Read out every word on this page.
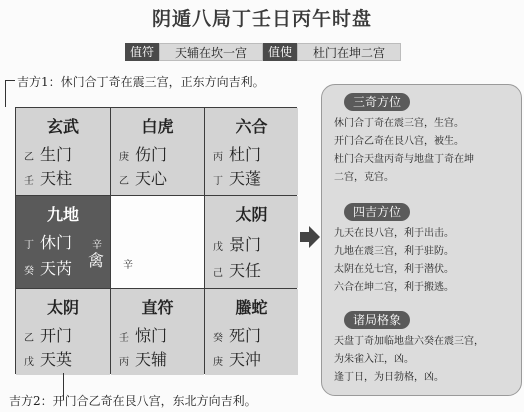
阴遁八局丁壬日丙午时盘
值符	天辅在坎一宫	值使	杜门在坤二宫
吉方1：休门合丁奇在震三宫，正东方向吉利。
玄武
乙 生门
壬 天柱
白虎
庚 伤门
乙 天心
六合
丙 杜门
丁 天蓬
九地
丁 休门 辛
癸 天芮 禽 辛
太阴
戊 景门
己 天任
太阴
乙 开门
戊 天英
直符
壬 惊门
丙 天辅
螣蛇
癸 死门
庚 天冲
吉方2：开门合乙奇在艮八宫，东北方向吉利。
三奇方位
休门合丁奇在震三宫，生宫。
开门合乙奇在艮八宫，被生。
杜门合天盘丙奇与地盘丁奇在坤
二宫，克宫。
四吉方位
九天在艮八宫，利于出击。
九地在震三宫，利于驻防。
太阴在兑七宫，利于潜伏。
六合在坤二宫，利于搬逃。
诸局格象
天盘丁奇加临地盘六癸在震三宫，
为朱雀入江，凶。
逢丁日，为日勃格，凶。
